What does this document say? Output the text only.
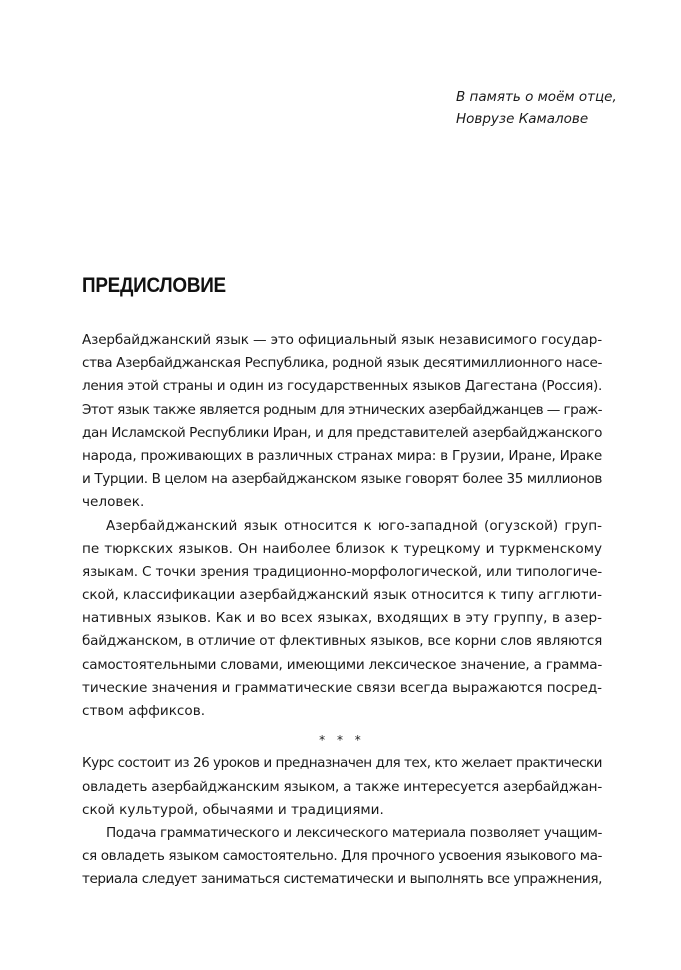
В память о моём отце,
Новрузе Камалове
ПРЕДИСЛОВИЕ
Азербайджанский язык — это официальный язык независимого государ-
ства Азербайджанская Республика, родной язык десятимиллионного насе-
ления этой страны и один из государственных языков Дагестана (Россия).
Этот язык также является родным для этнических азербайджанцев — граж-
дан Исламской Республики Иран, и для представителей азербайджанского
народа, проживающих в различных странах мира: в Грузии, Иране, Ираке
и Турции. В целом на азербайджанском языке говорят более 35 миллионов
человек.
Азербайджанский язык относится к юго-западной (огузской) груп-
пе тюркских языков. Он наиболее близок к турецкому и туркменскому
языкам. С точки зрения традиционно-морфологической, или типологиче-
ской, классификации азербайджанский язык относится к типу агглюти-
нативных языков. Как и во всех языках, входящих в эту группу, в азер-
байджанском, в отличие от флективных языков, все корни слов являются
самостоятельными словами, имеющими лексическое значение, а граммa-
тические значения и грамматические связи всегда выражаются посред-
ством аффиксов.
* * *
Курс состоит из 26 уроков и предназначен для тех, кто желает практически
овладеть азербайджанским языком, а также интересуется азербайджан-
ской культурой, обычаями и традициями.
Подача грамматического и лексического материала позволяет учащим-
ся овладеть языком самостоятельно. Для прочного усвоения языкового ма-
териала следует заниматься систематически и выполнять все упражнения,
